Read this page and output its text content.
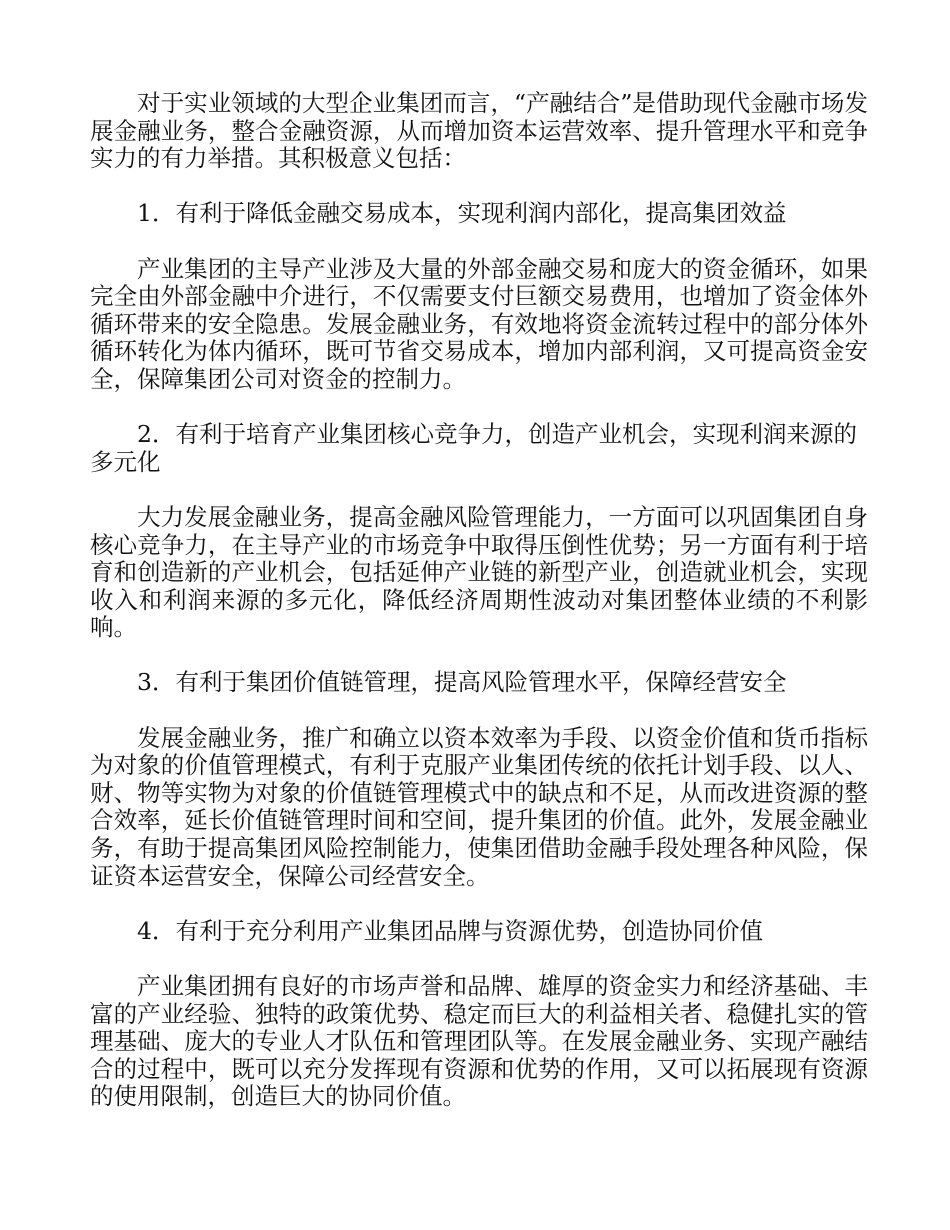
对于实业领域的大型企业集团而言，“产融结合”是借助现代金融市场发展金融业务，整合金融资源，从而增加资本运营效率、提升管理水平和竞争实力的有力举措。其积极意义包括：

1．有利于降低金融交易成本，实现利润内部化，提高集团效益

产业集团的主导产业涉及大量的外部金融交易和庞大的资金循环，如果完全由外部金融中介进行，不仅需要支付巨额交易费用，也增加了资金体外循环带来的安全隐患。发展金融业务，有效地将资金流转过程中的部分体外循环转化为体内循环，既可节省交易成本，增加内部利润，又可提高资金安全，保障集团公司对资金的控制力。

2．有利于培育产业集团核心竞争力，创造产业机会，实现利润来源的多元化

大力发展金融业务，提高金融风险管理能力，一方面可以巩固集团自身核心竞争力，在主导产业的市场竞争中取得压倒性优势；另一方面有利于培育和创造新的产业机会，包括延伸产业链的新型产业，创造就业机会，实现收入和利润来源的多元化，降低经济周期性波动对集团整体业绩的不利影响。

3．有利于集团价值链管理，提高风险管理水平，保障经营安全

发展金融业务，推广和确立以资本效率为手段、以资金价值和货币指标为对象的价值管理模式，有利于克服产业集团传统的依托计划手段、以人、财、物等实物为对象的价值链管理模式中的缺点和不足，从而改进资源的整合效率，延长价值链管理时间和空间，提升集团的价值。此外，发展金融业务，有助于提高集团风险控制能力，使集团借助金融手段处理各种风险，保证资本运营安全，保障公司经营安全。

4．有利于充分利用产业集团品牌与资源优势，创造协同价值

产业集团拥有良好的市场声誉和品牌、雄厚的资金实力和经济基础、丰富的产业经验、独特的政策优势、稳定而巨大的利益相关者、稳健扎实的管理基础、庞大的专业人才队伍和管理团队等。在发展金融业务、实现产融结合的过程中，既可以充分发挥现有资源和优势的作用，又可以拓展现有资源的使用限制，创造巨大的协同价值。
